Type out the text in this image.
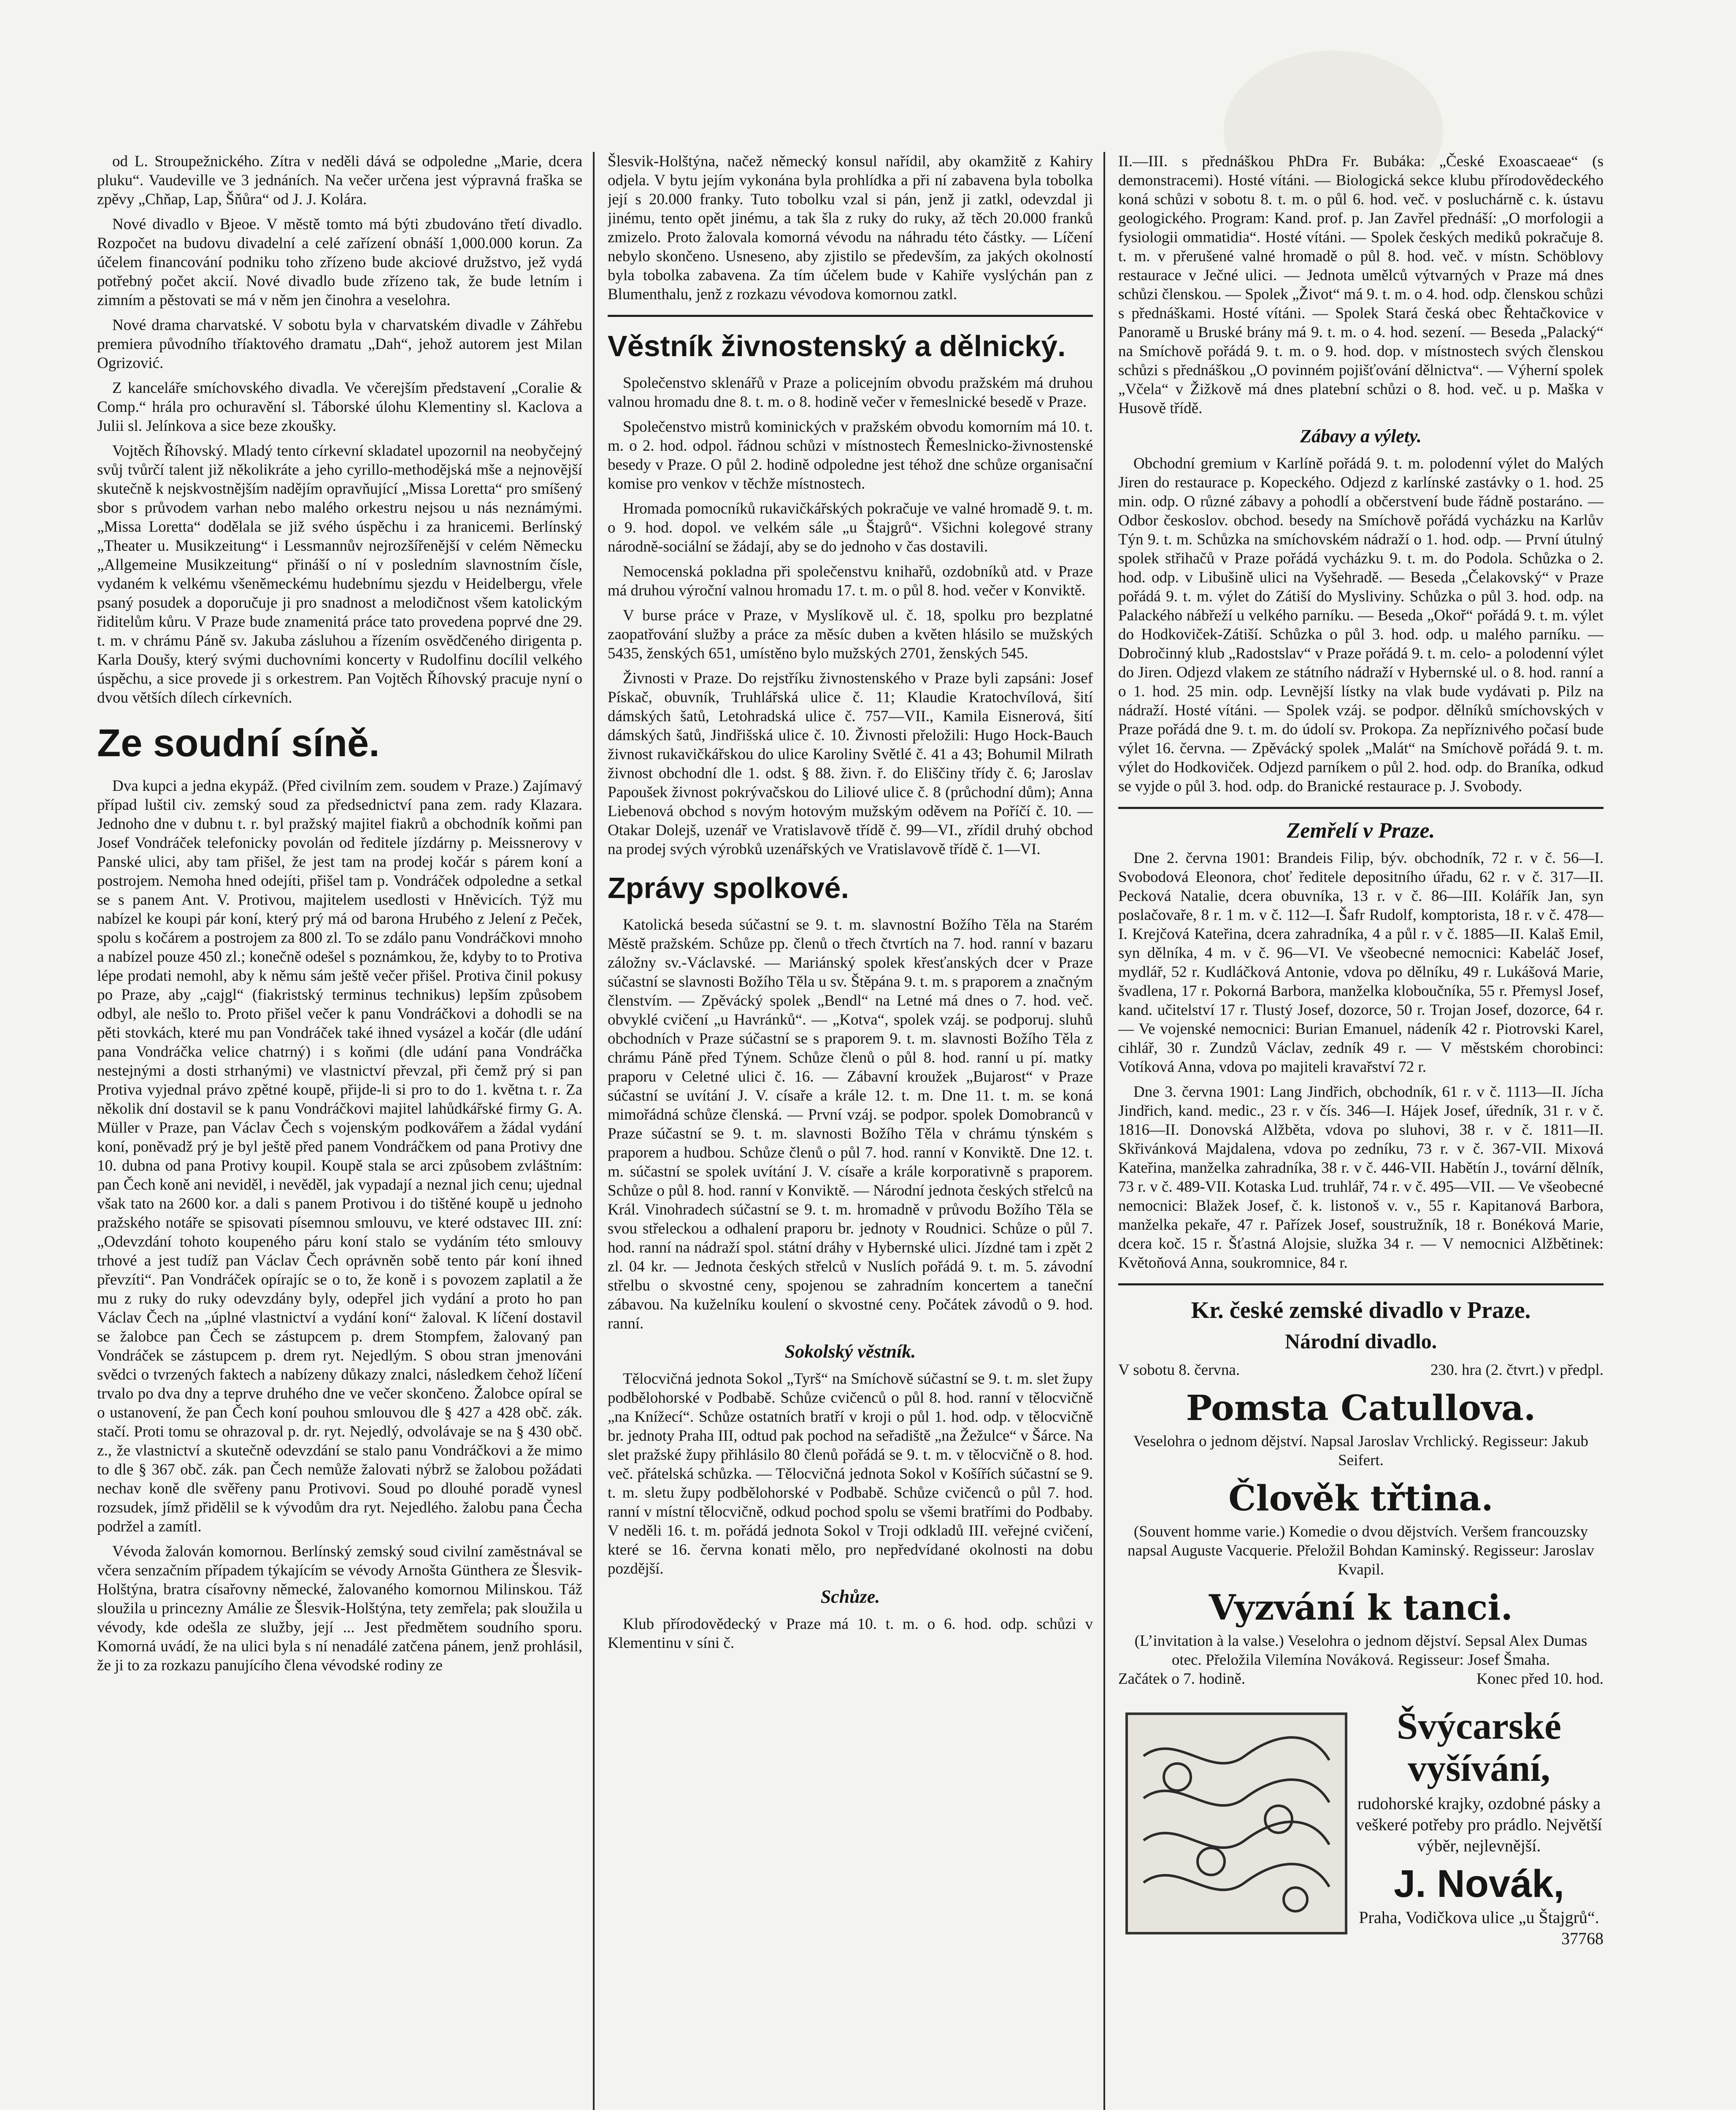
od L. Stroupežnického. Zítra v neděli dává se odpoledne „Marie, dcera pluku“. Vaudeville ve 3 jednáních. Na večer určena jest výpravná fraška se zpěvy „Chňap, Lap, Šňůra“ od J. J. Kolára.

Nové divadlo v Bjeoe. V městě tomto má býti zbudováno třetí divadlo. Rozpočet na budovu divadelní a celé zařízení obnáší 1,000.000 korun. Za účelem financování podniku toho zřízeno bude akciové družstvo, jež vydá potřebný počet akcií. Nové divadlo bude zřízeno tak, že bude letním i zimním a pěstovati se má v něm jen činohra a veselohra.

Nové drama charvatské. V sobotu byla v charvatském divadle v Záhřebu premiera původního tříaktového dramatu „Dah“, jehož autorem jest Milan Ogrizović.

Z kanceláře smíchovského divadla. Ve včerejším představení „Coralie & Comp.“ hrála pro ochuravění sl. Táborské úlohu Klementiny sl. Kaclova a Julii sl. Jelínkova a sice beze zkoušky.

Vojtěch Říhovský. Mladý tento církevní skladatel upozornil na neobyčejný svůj tvůrčí talent již několikráte a jeho cyrillo-methodějská mše a nejnovější skutečně k nejskvostnějším nadějím opravňující „Missa Loretta“ pro smíšený sbor s průvodem varhan nebo malého orkestru nejsou u nás neznámými. „Missa Loretta“ dodělala se již svého úspěchu i za hranicemi. Berlínský „Theater u. Musikzeitung“ i Lessmannův nejrozšířenější v celém Německu „Allgemeine Musikzeitung“ přináší o ní v posledním slavnostním čísle, vydaném k velkému všeněmeckému hudebnímu sjezdu v Heidelbergu, vřele psaný posudek a doporučuje ji pro snadnost a melodičnost všem katolickým řiditelům kůru. V Praze bude znamenitá práce tato provedena poprvé dne 29. t. m. v chrámu Páně sv. Jakuba zásluhou a řízením osvědčeného dirigenta p. Karla Doušy, který svými duchovními koncerty v Rudolfinu docílil velkého úspěchu, a sice provede ji s orkestrem. Pan Vojtěch Říhovský pracuje nyní o dvou větších dílech církevních.

Ze soudní síně.

Dva kupci a jedna ekypáž. (Před civilním zem. soudem v Praze.) Zajímavý případ luštil civ. zemský soud za předsednictví pana zem. rady Klazara. Jednoho dne v dubnu t. r. byl pražský majitel fiakrů a obchodník koňmi pan Josef Vondráček telefonicky povolán od ředitele jízdárny p. Meissnerovy v Panské ulici, aby tam přišel, že jest tam na prodej kočár s párem koní a postrojem. Nemoha hned odejíti, přišel tam p. Vondráček odpoledne a setkal se s panem Ant. V. Protivou, majitelem usedlosti v Hněvicích. Týž mu nabízel ke koupi pár koní, který prý má od barona Hrubého z Jelení z Peček, spolu s kočárem a postrojem za 800 zl. To se zdálo panu Vondráčkovi mnoho a nabízel pouze 450 zl.; konečně odešel s poznámkou, že, kdyby to to Protiva lépe prodati nemohl, aby k němu sám ještě večer přišel. Protiva činil pokusy po Praze, aby „cajgl“ (fiakristský terminus technikus) lepším způsobem odbyl, ale nešlo to. Proto přišel večer k panu Vondráčkovi a dohodli se na pěti stovkách, které mu pan Vondráček také ihned vysázel a kočár (dle udání pana Vondráčka velice chatrný) i s koňmi (dle udání pana Vondráčka nestejnými a dosti strhanými) ve vlastnictví převzal, při čemž prý si pan Protiva vyjednal právo zpětné koupě, přijde-li si pro to do 1. května t. r. Za několik dní dostavil se k panu Vondráčkovi majitel lahůdkářské firmy G. A. Müller v Praze, pan Václav Čech s vojenským podkovářem a žádal vydání koní, poněvadž prý je byl ještě před panem Vondráčkem od pana Protivy dne 10. dubna od pana Protivy koupil. Koupě stala se arci způsobem zvláštním: pan Čech koně ani neviděl, i nevěděl, jak vypadají a neznal jich cenu; ujednal však tato na 2600 kor. a dali s panem Protivou i do tištěné koupě u jednoho pražského notáře se spisovati písemnou smlouvu, ve které odstavec III. zní: „Odevzdání tohoto koupeného páru koní stalo se vydáním této smlouvy trhové a jest tudíž pan Václav Čech oprávněn sobě tento pár koní ihned převzíti“. Pan Vondráček opírajíc se o to, že koně i s povozem zaplatil a že mu z ruky do ruky odevzdány byly, odepřel jich vydání a proto ho pan Václav Čech na „úplné vlastnictví a vydání koní“ žaloval. K líčení dostavil se žalobce pan Čech se zástupcem p. drem Stompfem, žalovaný pan Vondráček se zástupcem p. drem ryt. Nejedlým. S obou stran jmenováni svědci o tvrzených faktech a nabízeny důkazy znalci, následkem čehož líčení trvalo po dva dny a teprve druhého dne ve večer skončeno. Žalobce opíral se o ustanovení, že pan Čech koní pouhou smlouvou dle § 427 a 428 obč. zák. stačí. Proti tomu se ohrazoval p. dr. ryt. Nejedlý, odvolávaje se na § 430 obč. z., že vlastnictví a skutečně odevzdání se stalo panu Vondráčkovi a že mimo to dle § 367 obč. zák. pan Čech nemůže žalovati nýbrž se žalobou požádati nechav koně dle svěřeny panu Protivovi. Soud po dlouhé poradě vynesl rozsudek, jímž přidělil se k vývodům dra ryt. Nejedlého. žalobu pana Čecha podržel a zamítl.

Vévoda žalován komornou. Berlínský zemský soud civilní zaměstnával se včera senzačním případem týkajícím se vévody Arnošta Günthera ze Šlesvik-Holštýna, bratra císařovny německé, žalovaného komornou Milinskou. Táž sloužila u princezny Amálie ze Šlesvik-Holštýna, tety zemřela; pak sloužila u vévody, kde odešla ze služby, její ... Jest předmětem soudního sporu. Komorná uvádí, že na ulici byla s ní nenadálé zatčena pánem, jenž prohlásil, že ji to za rozkazu panujícího člena vévodské rodiny ze

Šlesvik-Holštýna, načež německý konsul nařídil, aby okamžitě z Kahiry odjela. V bytu jejím vykonána byla prohlídka a při ní zabavena byla tobolka její s 20.000 franky. Tuto tobolku vzal si pán, jenž ji zatkl, odevzdal ji jinému, tento opět jinému, a tak šla z ruky do ruky, až těch 20.000 franků zmizelo. Proto žalovala komorná vévodu na náhradu této částky. — Líčení nebylo skončeno. Usneseno, aby zjistilo se především, za jakých okolností byla tobolka zabavena. Za tím účelem bude v Kahiře vyslýchán pan z Blumenthalu, jenž z rozkazu vévodova komornou zatkl.

Věstník živnostenský a dělnický.

Společenstvo sklenářů v Praze a policejním obvodu pražském má druhou valnou hromadu dne 8. t. m. o 8. hodině večer v řemeslnické besedě v Praze.

Společenstvo mistrů kominických v pražském obvodu komorním má 10. t. m. o 2. hod. odpol. řádnou schůzi v místnostech Řemeslnicko-živnostenské besedy v Praze. O půl 2. hodině odpoledne jest téhož dne schůze organisační komise pro venkov v těchže místnostech.

Hromada pomocníků rukavičkářských pokračuje ve valné hromadě 9. t. m. o 9. hod. dopol. ve velkém sále „u Štajgrů“. Všichni kolegové strany národně-sociální se žádají, aby se do jednoho v čas dostavili.

Nemocenská pokladna při společenstvu knihařů, ozdobníků atd. v Praze má druhou výroční valnou hromadu 17. t. m. o půl 8. hod. večer v Konviktě.

V burse práce v Praze, v Myslíkově ul. č. 18, spolku pro bezplatné zaopatřování služby a práce za měsíc duben a květen hlásilo se mužských 5435, ženských 651, umístěno bylo mužských 2701, ženských 545.

Živnosti v Praze. Do rejstříku živnostenského v Praze byli zapsáni: Josef Pískač, obuvník, Truhlářská ulice č. 11; Klaudie Kratochvílová, šití dámských šatů, Letohradská ulice č. 757—VII., Kamila Eisnerová, šití dámských šatů, Jindřišská ulice č. 10. Živnosti přeložili: Hugo Hock-Bauch živnost rukavičkářskou do ulice Karoliny Světlé č. 41 a 43; Bohumil Milrath živnost obchodní dle 1. odst. § 88. živn. ř. do Eliščiny třídy č. 6; Jaroslav Papoušek živnost pokrývačskou do Liliové ulice č. 8 (průchodní dům); Anna Liebenová obchod s novým hotovým mužským oděvem na Poříčí č. 10. — Otakar Dolejš, uzenář ve Vratislavově třídě č. 99—VI., zřídil druhý obchod na prodej svých výrobků uzenářských ve Vratislavově třídě č. 1—VI.

Zprávy spolkové.

Katolická beseda súčastní se 9. t. m. slavnostní Božího Těla na Starém Městě pražském. Schůze pp. členů o třech čtvrtích na 7. hod. ranní v bazaru záložny sv.-Václavské. — Mariánský spolek křesťanských dcer v Praze súčastní se slavnosti Božího Těla u sv. Štěpána 9. t. m. s praporem a značným členstvím. — Zpěvácký spolek „Bendl“ na Letné má dnes o 7. hod. več. obvyklé cvičení „u Havránků“. — „Kotva“, spolek vzáj. se podporuj. sluhů obchodních v Praze súčastní se s praporem 9. t. m. slavnosti Božího Těla z chrámu Páně před Týnem. Schůze členů o půl 8. hod. ranní u pí. matky praporu v Celetné ulici č. 16. — Zábavní kroužek „Bujarost“ v Praze súčastní se uvítání J. V. císaře a krále 12. t. m. Dne 11. t. m. se koná mimořádná schůze členská. — První vzáj. se podpor. spolek Domobranců v Praze súčastní se 9. t. m. slavnosti Božího Těla v chrámu týnském s praporem a hudbou. Schůze členů o půl 7. hod. ranní v Konviktě. Dne 12. t. m. súčastní se spolek uvítání J. V. císaře a krále korporativně s praporem. Schůze o půl 8. hod. ranní v Konviktě. — Národní jednota českých střelců na Král. Vinohradech súčastní se 9. t. m. hromadně v průvodu Božího Těla se svou střeleckou a odhalení praporu br. jednoty v Roudnici. Schůze o půl 7. hod. ranní na nádraží spol. státní dráhy v Hybernské ulici. Jízdné tam i zpět 2 zl. 04 kr. — Jednota českých střelců v Nuslích pořádá 9. t. m. 5. závodní střelbu o skvostné ceny, spojenou se zahradním koncertem a taneční zábavou. Na kuželníku koulení o skvostné ceny. Počátek závodů o 9. hod. ranní.

Sokolský věstník.

Tělocvičná jednota Sokol „Tyrš“ na Smíchově súčastní se 9. t. m. slet župy podbělohorské v Podbabě. Schůze cvičenců o půl 8. hod. ranní v tělocvičně „na Knížecí“. Schůze ostatních bratří v kroji o půl 1. hod. odp. v tělocvičně br. jednoty Praha III, odtud pak pochod na seřadiště „na Žežulce“ v Šárce. Na slet pražské župy přihlásilo 80 členů pořádá se 9. t. m. v tělocvičně o 8. hod. več. přátelská schůzka. — Tělocvičná jednota Sokol v Košířích súčastní se 9. t. m. sletu župy podbělohorské v Podbabě. Schůze cvičenců o půl 7. hod. ranní v místní tělocvičně, odkud pochod spolu se všemi bratřími do Podbaby. V neděli 16. t. m. pořádá jednota Sokol v Troji odkladů III. veřejné cvičení, které se 16. června konati mělo, pro nepředvídané okolnosti na dobu pozdější.

Schůze.

Klub přírodovědecký v Praze má 10. t. m. o 6. hod. odp. schůzi v Klementinu v síni č.

II.—III. s přednáškou PhDra Fr. Bubáka: „České Exoascaeae“ (s demonstracemi). Hosté vítáni. — Biologická sekce klubu přírodovědeckého koná schůzi v sobotu 8. t. m. o půl 6. hod. več. v posluchárně c. k. ústavu geologického. Program: Kand. prof. p. Jan Zavřel přednáší: „O morfologii a fysiologii ommatidia“. Hosté vítáni. — Spolek českých mediků pokračuje 8. t. m. v přerušené valné hromadě o půl 8. hod. več. v místn. Schöblovy restaurace v Ječné ulici. — Jednota umělců výtvarných v Praze má dnes schůzi členskou. — Spolek „Život“ má 9. t. m. o 4. hod. odp. členskou schůzi s přednáškami. Hosté vítáni. — Spolek Stará česká obec Řehtačkovice v Panoramě u Bruské brány má 9. t. m. o 4. hod. sezení. — Beseda „Palacký“ na Smíchově pořádá 9. t. m. o 9. hod. dop. v místnostech svých členskou schůzi s přednáškou „O povinném pojišťování dělnictva“. — Výherní spolek „Včela“ v Žižkově má dnes platební schůzi o 8. hod. več. u p. Maška v Husově třídě.

Zábavy a výlety.

Obchodní gremium v Karlíně pořádá 9. t. m. polodenní výlet do Malých Jiren do restaurace p. Kopeckého. Odjezd z karlínské zastávky o 1. hod. 25 min. odp. O různé zábavy a pohodlí a občerstvení bude řádně postaráno. — Odbor českoslov. obchod. besedy na Smíchově pořádá vycházku na Karlův Týn 9. t. m. Schůzka na smíchovském nádraží o 1. hod. odp. — První útulný spolek střihačů v Praze pořádá vycházku 9. t. m. do Podola. Schůzka o 2. hod. odp. v Libušině ulici na Vyšehradě. — Beseda „Čelakovský“ v Praze pořádá 9. t. m. výlet do Zátiší do Mysliviny. Schůzka o půl 3. hod. odp. na Palackého nábřeží u velkého parníku. — Beseda „Okoř“ pořádá 9. t. m. výlet do Hodkoviček-Zátiší. Schůzka o půl 3. hod. odp. u malého parníku. — Dobročinný klub „Radostslav“ v Praze pořádá 9. t. m. celo- a polodenní výlet do Jiren. Odjezd vlakem ze státního nádraží v Hybernské ul. o 8. hod. ranní a o 1. hod. 25 min. odp. Levnější lístky na vlak bude vydávati p. Pilz na nádraží. Hosté vítáni. — Spolek vzáj. se podpor. dělníků smíchovských v Praze pořádá dne 9. t. m. do údolí sv. Prokopa. Za nepříznivého počasí bude výlet 16. června. — Zpěvácký spolek „Malát“ na Smíchově pořádá 9. t. m. výlet do Hodkoviček. Odjezd parníkem o půl 2. hod. odp. do Braníka, odkud se vyjde o půl 3. hod. odp. do Branické restaurace p. J. Svobody.

Zemřelí v Praze.

Dne 2. června 1901: Brandeis Filip, býv. obchodník, 72 r. v č. 56—I. Svobodová Eleonora, choť ředitele depositního úřadu, 62 r. v č. 317—II. Pecková Natalie, dcera obuvníka, 13 r. v č. 86—III. Kolářík Jan, syn poslačovaře, 8 r. 1 m. v č. 112—I. Šafr Rudolf, komptorista, 18 r. v č. 478—I. Krejčová Kateřina, dcera zahradníka, 4 a půl r. v č. 1885—II. Kalaš Emil, syn dělníka, 4 m. v č. 96—VI. Ve všeobecné nemocnici: Kabeláč Josef, mydlář, 52 r. Kudláčková Antonie, vdova po dělníku, 49 r. Lukášová Marie, švadlena, 17 r. Pokorná Barbora, manželka kloboučníka, 55 r. Přemysl Josef, kand. učitelství 17 r. Tlustý Josef, dozorce, 50 r. Trojan Josef, dozorce, 64 r. — Ve vojenské nemocnici: Burian Emanuel, nádeník 42 r. Piotrovski Karel, cihlář, 30 r. Zundzů Václav, zedník 49 r. — V městském chorobinci: Votíková Anna, vdova po majiteli kravařství 72 r.

Dne 3. června 1901: Lang Jindřich, obchodník, 61 r. v č. 1113—II. Jícha Jindřich, kand. medic., 23 r. v čís. 346—I. Hájek Josef, úředník, 31 r. v č. 1816—II. Donovská Alžběta, vdova po sluhovi, 38 r. v č. 1811—II. Skřivánková Majdalena, vdova po zedníku, 73 r. v č. 367-VII. Mixová Kateřina, manželka zahradníka, 38 r. v č. 446-VII. Habětín J., tovární dělník, 73 r. v č. 489-VII. Kotaska Lud. truhlář, 74 r. v č. 495—VII. — Ve všeobecné nemocnici: Blažek Josef, č. k. listonoš v. v., 55 r. Kapitanová Barbora, manželka pekaře, 47 r. Pařízek Josef, soustružník, 18 r. Bonéková Marie, dcera koč. 15 r. Šťastná Alojsie, služka 34 r. — V nemocnici Alžbětinek: Květoňová Anna, soukromnice, 84 r.

Kr. české zemské divadlo v Praze.
Národní divadlo.
V sobotu 8. června.	230. hra (2. čtvrt.) v předpl.
Pomsta Catullova.
Veselohra o jednom dějství. Napsal Jaroslav Vrchlický. Regisseur: Jakub Seifert.
Člověk třtina.
(Souvent homme varie.) Komedie o dvou dějstvích. Veršem francouzsky napsal Auguste Vacquerie. Přeložil Bohdan Kaminský. Regisseur: Jaroslav Kvapil.
Vyzvání k tanci.
(L’invitation à la valse.) Veselohra o jednom dějství. Sepsal Alex Dumas otec. Přeložila Vilemína Nováková. Regisseur: Josef Šmaha.
Začátek o 7. hodině.	Konec před 10. hod.
Švýcarské
vyšívání,
rudohorské krajky, ozdobné pásky a veškeré potřeby pro prádlo. Největší výběr, nejlevnější.
J. Novák,
Praha, Vodičkova ulice „u Štajgrů“.
37768
